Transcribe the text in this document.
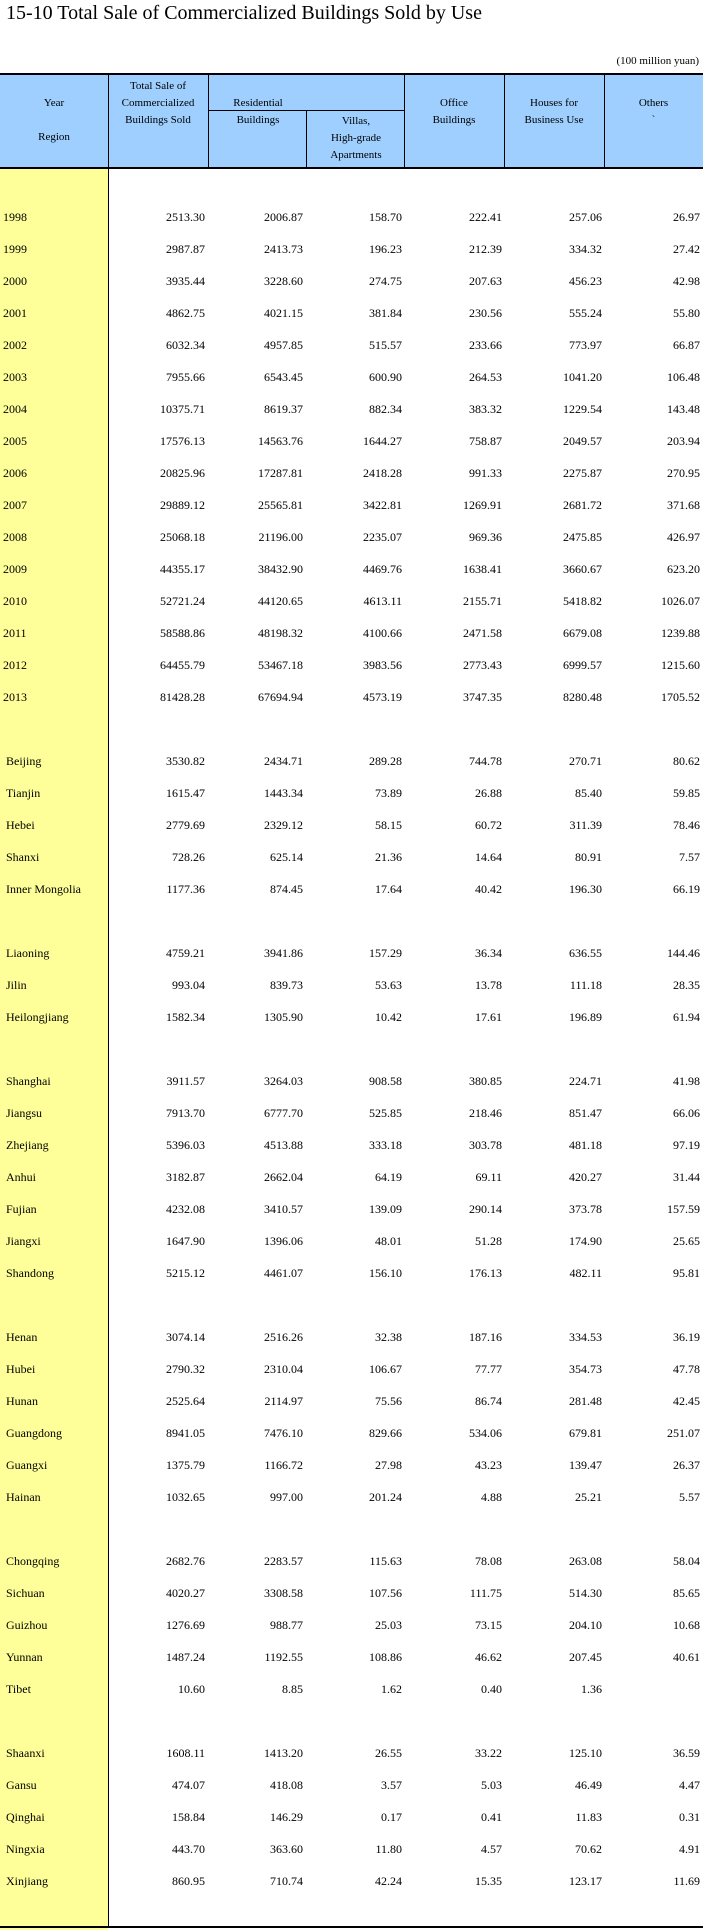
15-10 Total Sale of Commercialized Buildings Sold by Use
(100 million yuan)
Year
Region
Total Sale of
Commercialized
Buildings Sold
Residential
Buildings	Villas,
High-grade
Apartments
Office
Buildings
Houses for
Business Use
Others
`
1998	2513.30	2006.87	158.70	222.41	257.06	26.97
1999	2987.87	2413.73	196.23	212.39	334.32	27.42
2000	3935.44	3228.60	274.75	207.63	456.23	42.98
2001	4862.75	4021.15	381.84	230.56	555.24	55.80
2002	6032.34	4957.85	515.57	233.66	773.97	66.87
2003	7955.66	6543.45	600.90	264.53	1041.20	106.48
2004	10375.71	8619.37	882.34	383.32	1229.54	143.48
2005	17576.13	14563.76	1644.27	758.87	2049.57	203.94
2006	20825.96	17287.81	2418.28	991.33	2275.87	270.95
2007	29889.12	25565.81	3422.81	1269.91	2681.72	371.68
2008	25068.18	21196.00	2235.07	969.36	2475.85	426.97
2009	44355.17	38432.90	4469.76	1638.41	3660.67	623.20
2010	52721.24	44120.65	4613.11	2155.71	5418.82	1026.07
2011	58588.86	48198.32	4100.66	2471.58	6679.08	1239.88
2012	64455.79	53467.18	3983.56	2773.43	6999.57	1215.60
2013	81428.28	67694.94	4573.19	3747.35	8280.48	1705.52
Beijing	3530.82	2434.71	289.28	744.78	270.71	80.62
Tianjin	1615.47	1443.34	73.89	26.88	85.40	59.85
Hebei	2779.69	2329.12	58.15	60.72	311.39	78.46
Shanxi	728.26	625.14	21.36	14.64	80.91	7.57
Inner Mongolia	1177.36	874.45	17.64	40.42	196.30	66.19
Liaoning	4759.21	3941.86	157.29	36.34	636.55	144.46
Jilin	993.04	839.73	53.63	13.78	111.18	28.35
Heilongjiang	1582.34	1305.90	10.42	17.61	196.89	61.94
Shanghai	3911.57	3264.03	908.58	380.85	224.71	41.98
Jiangsu	7913.70	6777.70	525.85	218.46	851.47	66.06
Zhejiang	5396.03	4513.88	333.18	303.78	481.18	97.19
Anhui	3182.87	2662.04	64.19	69.11	420.27	31.44
Fujian	4232.08	3410.57	139.09	290.14	373.78	157.59
Jiangxi	1647.90	1396.06	48.01	51.28	174.90	25.65
Shandong	5215.12	4461.07	156.10	176.13	482.11	95.81
Henan	3074.14	2516.26	32.38	187.16	334.53	36.19
Hubei	2790.32	2310.04	106.67	77.77	354.73	47.78
Hunan	2525.64	2114.97	75.56	86.74	281.48	42.45
Guangdong	8941.05	7476.10	829.66	534.06	679.81	251.07
Guangxi	1375.79	1166.72	27.98	43.23	139.47	26.37
Hainan	1032.65	997.00	201.24	4.88	25.21	5.57
Chongqing	2682.76	2283.57	115.63	78.08	263.08	58.04
Sichuan	4020.27	3308.58	107.56	111.75	514.30	85.65
Guizhou	1276.69	988.77	25.03	73.15	204.10	10.68
Yunnan	1487.24	1192.55	108.86	46.62	207.45	40.61
Tibet	10.60	8.85	1.62	0.40	1.36
Shaanxi	1608.11	1413.20	26.55	33.22	125.10	36.59
Gansu	474.07	418.08	3.57	5.03	46.49	4.47
Qinghai	158.84	146.29	0.17	0.41	11.83	0.31
Ningxia	443.70	363.60	11.80	4.57	70.62	4.91
Xinjiang	860.95	710.74	42.24	15.35	123.17	11.69
